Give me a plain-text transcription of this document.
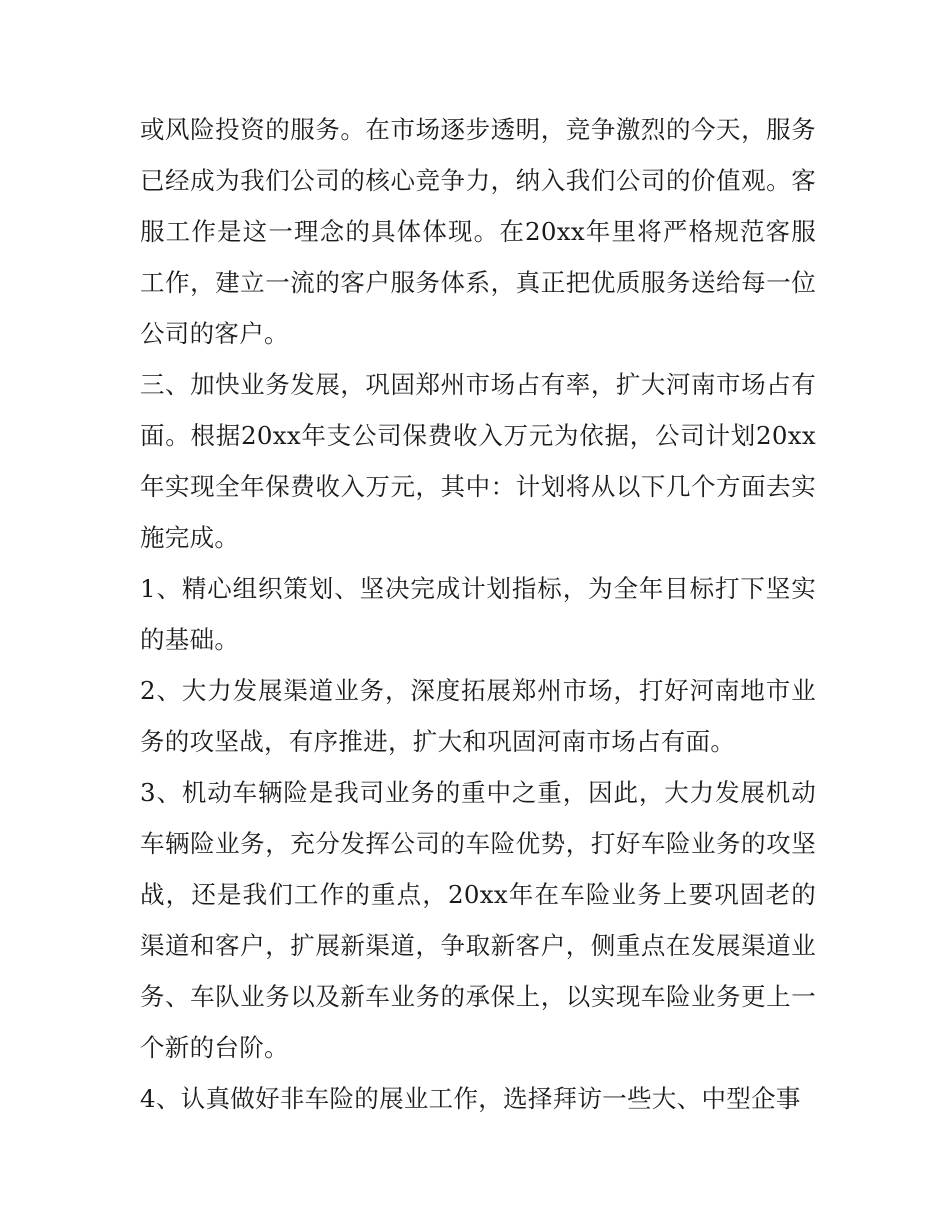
或风险投资的服务。在市场逐步透明，竞争激烈的今天，服务已经成为我们公司的核心竞争力，纳入我们公司的价值观。客服工作是这一理念的具体体现。在20xx年里将严格规范客服工作，建立一流的客户服务体系，真正把优质服务送给每一位公司的客户。

三、加快业务发展，巩固郑州市场占有率，扩大河南市场占有面。根据20xx年支公司保费收入万元为依据，公司计划20xx年实现全年保费收入万元，其中：计划将从以下几个方面去实施完成。

1、精心组织策划、坚决完成计划指标，为全年目标打下坚实的基础。

2、大力发展渠道业务，深度拓展郑州市场，打好河南地市业务的攻坚战，有序推进，扩大和巩固河南市场占有面。

3、机动车辆险是我司业务的重中之重，因此，大力发展机动车辆险业务，充分发挥公司的车险优势，打好车险业务的攻坚战，还是我们工作的重点，20xx年在车险业务上要巩固老的渠道和客户，扩展新渠道，争取新客户，侧重点在发展渠道业务、车队业务以及新车业务的承保上，以实现车险业务更上一个新的台阶。

4、认真做好非车险的展业工作，选择拜访一些大、中型企事
